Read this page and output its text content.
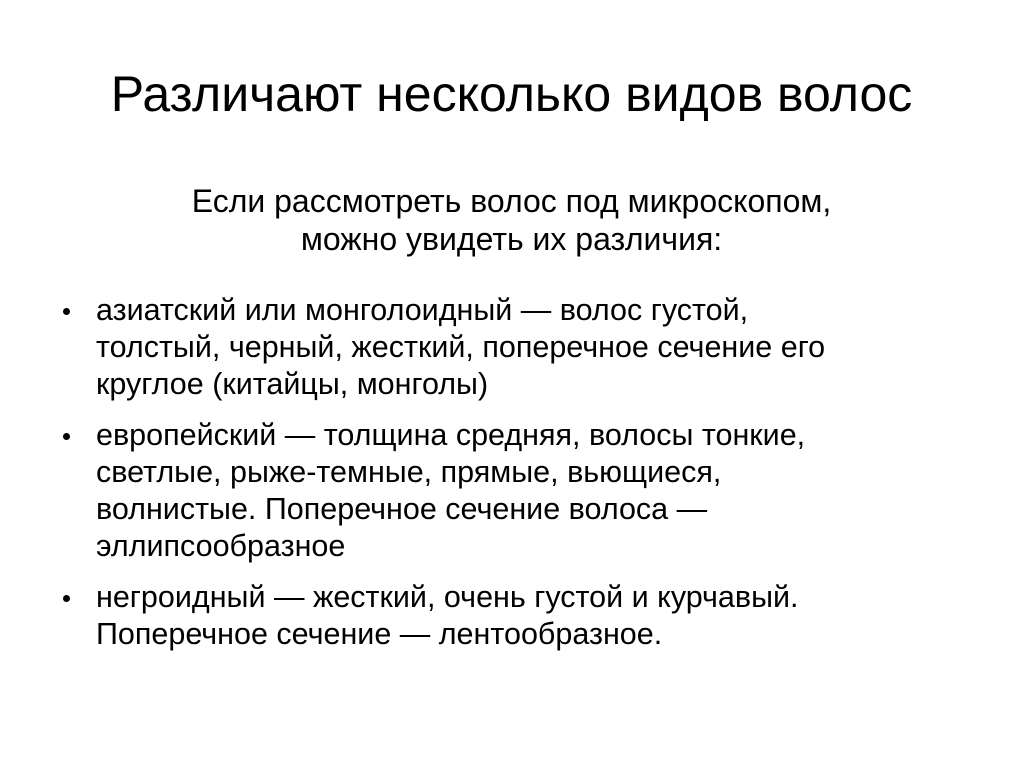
Различают несколько видов волос

Если рассмотреть волос под микроскопом,
можно увидеть их различия:

азиатский или монголоидный — волос густой,
толстый, черный, жесткий, поперечное сечение его
круглое (китайцы, монголы)
европейский — толщина средняя, волосы тонкие,
светлые, рыже-темные, прямые, вьющиеся,
волнистые. Поперечное сечение волоса —
эллипсообразное
негроидный — жесткий, очень густой и курчавый.
Поперечное сечение — лентообразное.
